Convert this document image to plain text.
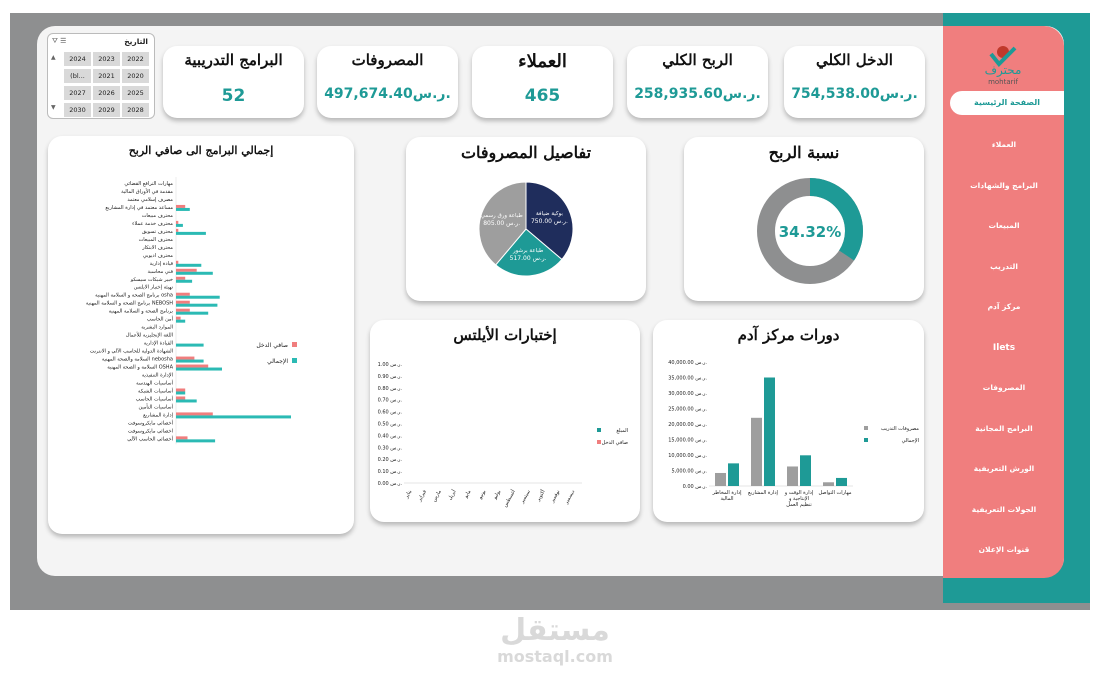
محترف
mohtarif
الصفحة الرئيسية
العملاء
البرامج والشهادات
المبيعات
التدريب
مركز آدم
Ilets
المصروفات
البرامج المجانية
الورش التعريفية
الجولات التعريفية
قنوات الإعلان
التاريخ
⛛ ☰
▲
▼
2022
2023
2024
2020
2021
(bl...
2025
2026
2027
2028
2029
2030
الدخل الكلي
754,538.00ر.س.
الربح الكلي
258,935.60ر.س.
العملاء
465
المصروفات
497,674.40ر.س.
البرامج التدريبية
52
نسبة الربح
34.32%
تفاصيل المصروفات
بوكية ضيافة
750.00 ر.س.
طباعة برشور
517.00 ر.س.
طباعة ورق رسمي
805.00 ر.س.
إجمالي البرامج الى صافي الربح
مهارات الترافع القضائي
مقدمة في الأوراق المالية
مصرف إسلامي معتمد
مساعد معتمد في إدارة المشاريع
محترف مبيعات
محترف خدمة عملاء
محترف تسويق
محترف المبيعات
محترف الابتكار
محترف اديوبي
قيادة إدارية
فني محاسبة
خبير شبكات سيسكو
تهيئة إختبار الايلتس
برنامج الصحة و السلامة المهنية osha
برنامج الصحة و السلامة المهنية NEBOSH
برنامج الصحة و السلامة المهنية
أمن الحاسب
الموارد البشرية
اللغة الإنجليزية للأعمال
القيادة الإدارية
الشهادة الدولية للحاسب الآلي و الانترنت
السلامة والصحة المهنية nebosha
السلامة و الصحة المهنية OSHA
الإدارة التنفيذية
أساسيات الهندسة
أساسيات الشبكة
أساسيات الحاسب
أساسيات التأمين
إدارة المشاريع
أخصائي مايكروسوفت
اخصائي مايكروسوفت
أخصائي الحاسب الآلي
صافي الدخل
الإجمالي
إختبارات الأيلتس
1.00 ر.س.
0.90 ر.س.
0.80 ر.س.
0.70 ر.س.
0.60 ر.س.
0.50 ر.س.
0.40 ر.س.
0.30 ر.س.
0.20 ر.س.
0.10 ر.س.
0.00 ر.س.
يناير فبراير مارس أبريل مايو يونيو يوليو أغسطس سبتمبر أكتوبر نوفمبر ديسمبر
المبلغ
صافي الدخل
دورات مركز آدم
40,000.00 ر.س.
35,000.00 ر.س.
30,000.00 ر.س.
25,000.00 ر.س.
20,000.00 ر.س.
15,000.00 ر.س.
10,000.00 ر.س.
5,000.00 ر.س.
0.00 ر.س.
إدارة المخاطر
المالية
إدارة المشاريع إدارة الوقت و
الإنتاجية و
تنظيم العمل
مهارات التواصل
مصروفات التدريب
الإجمالي
مستقل
mostaql.com
